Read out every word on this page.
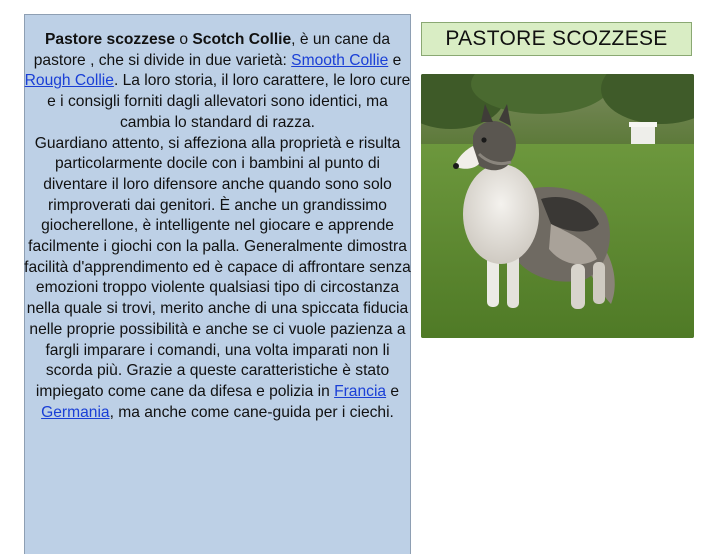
Pastore scozzese o Scotch Collie, è un cane da pastore , che si divide in due varietà: Smooth Collie e Rough Collie. La loro storia, il loro carattere, le loro cure e i consigli forniti dagli allevatori sono identici, ma cambia lo standard di razza.

Guardiano attento, si affeziona alla proprietà e risulta particolarmente docile con i bambini al punto di diventare il loro difensore anche quando sono solo rimproverati dai genitori. È anche un grandissimo giocherellone, è intelligente nel giocare e apprende facilmente i giochi con la palla. Generalmente dimostra facilità d'apprendimento ed è capace di affrontare senza emozioni troppo violente qualsiasi tipo di circostanza nella quale si trovi, merito anche di una spiccata fiducia nelle proprie possibilità e anche se ci vuole pazienza a fargli imparare i comandi, una volta imparati non li scorda più. Grazie a queste caratteristiche è stato impiegato come cane da difesa e polizia in Francia e Germania, ma anche come cane-guida per i ciechi.

PASTORE SCOZZESE
